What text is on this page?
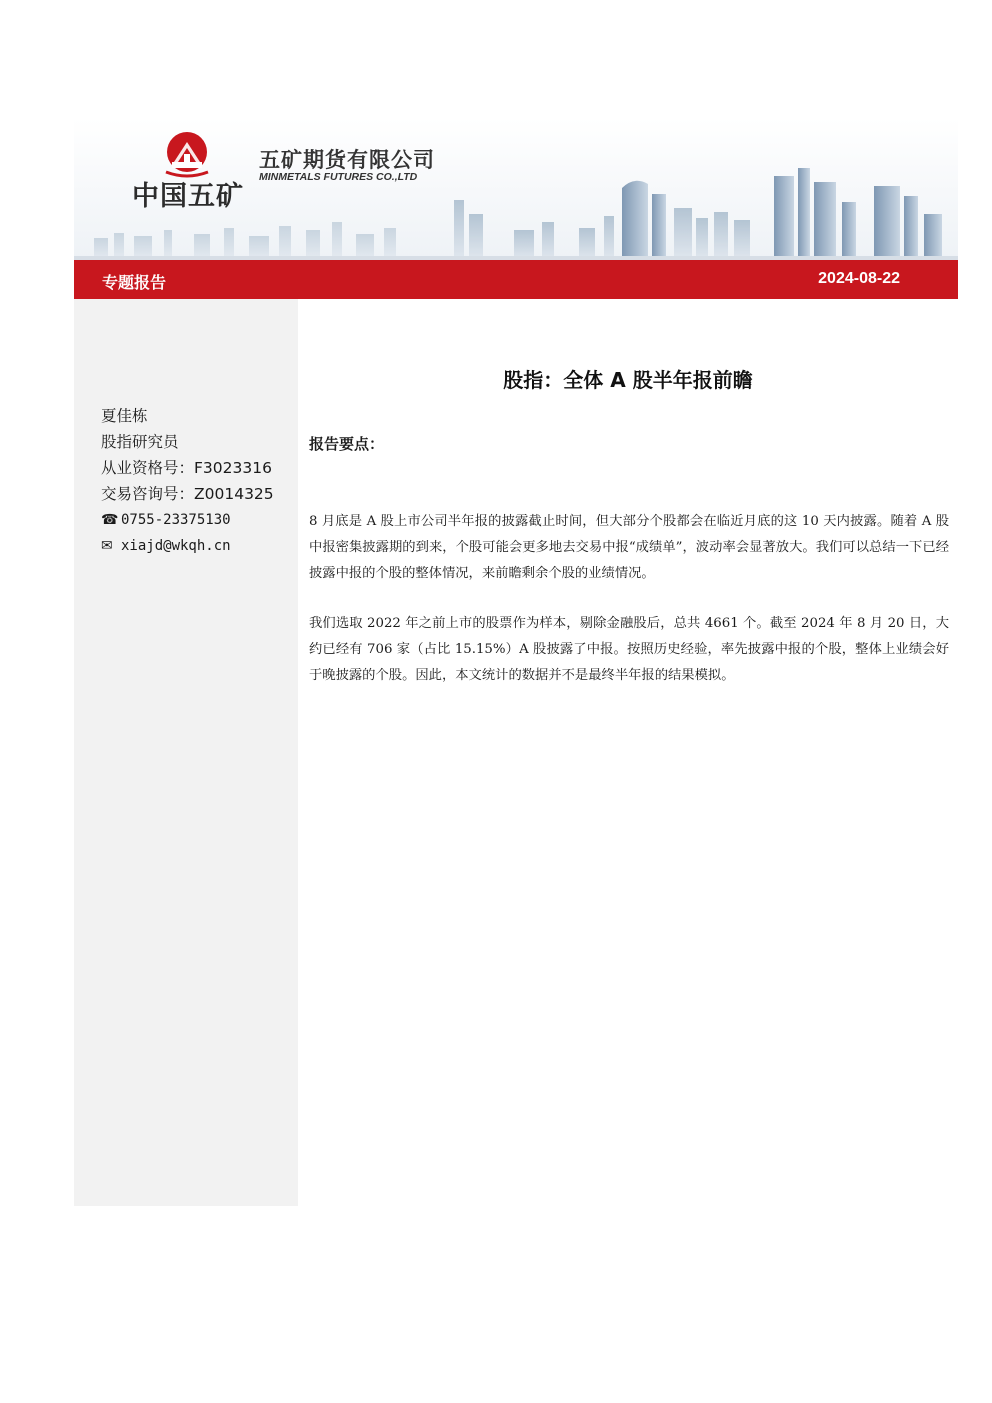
中国五矿
五矿期货有限公司
MINMETALS FUTURES CO.,LTD
专题报告	2024-08-22
夏佳栋
股指研究员
从业资格号：F3023316
交易咨询号：Z0014325
☎ 0755-23375130
✉ xiajd@wkqh.cn
股指：全体 A 股半年报前瞻
报告要点：
8 月底是 A 股上市公司半年报的披露截止时间，但大部分个股都会在临近月底的这 10 天内披露。随着 A 股中报密集披露期的到来，个股可能会更多地去交易中报“成绩单”，波动率会显著放大。我们可以总结一下已经披露中报的个股的整体情况，来前瞻剩余个股的业绩情况。
我们选取 2022 年之前上市的股票作为样本，剔除金融股后，总共 4661 个。截至 2024 年 8 月 20 日，大约已经有 706 家（占比 15.15%）A 股披露了中报。按照历史经验，率先披露中报的个股，整体上业绩会好于晚披露的个股。因此，本文统计的数据并不是最终半年报的结果模拟。
